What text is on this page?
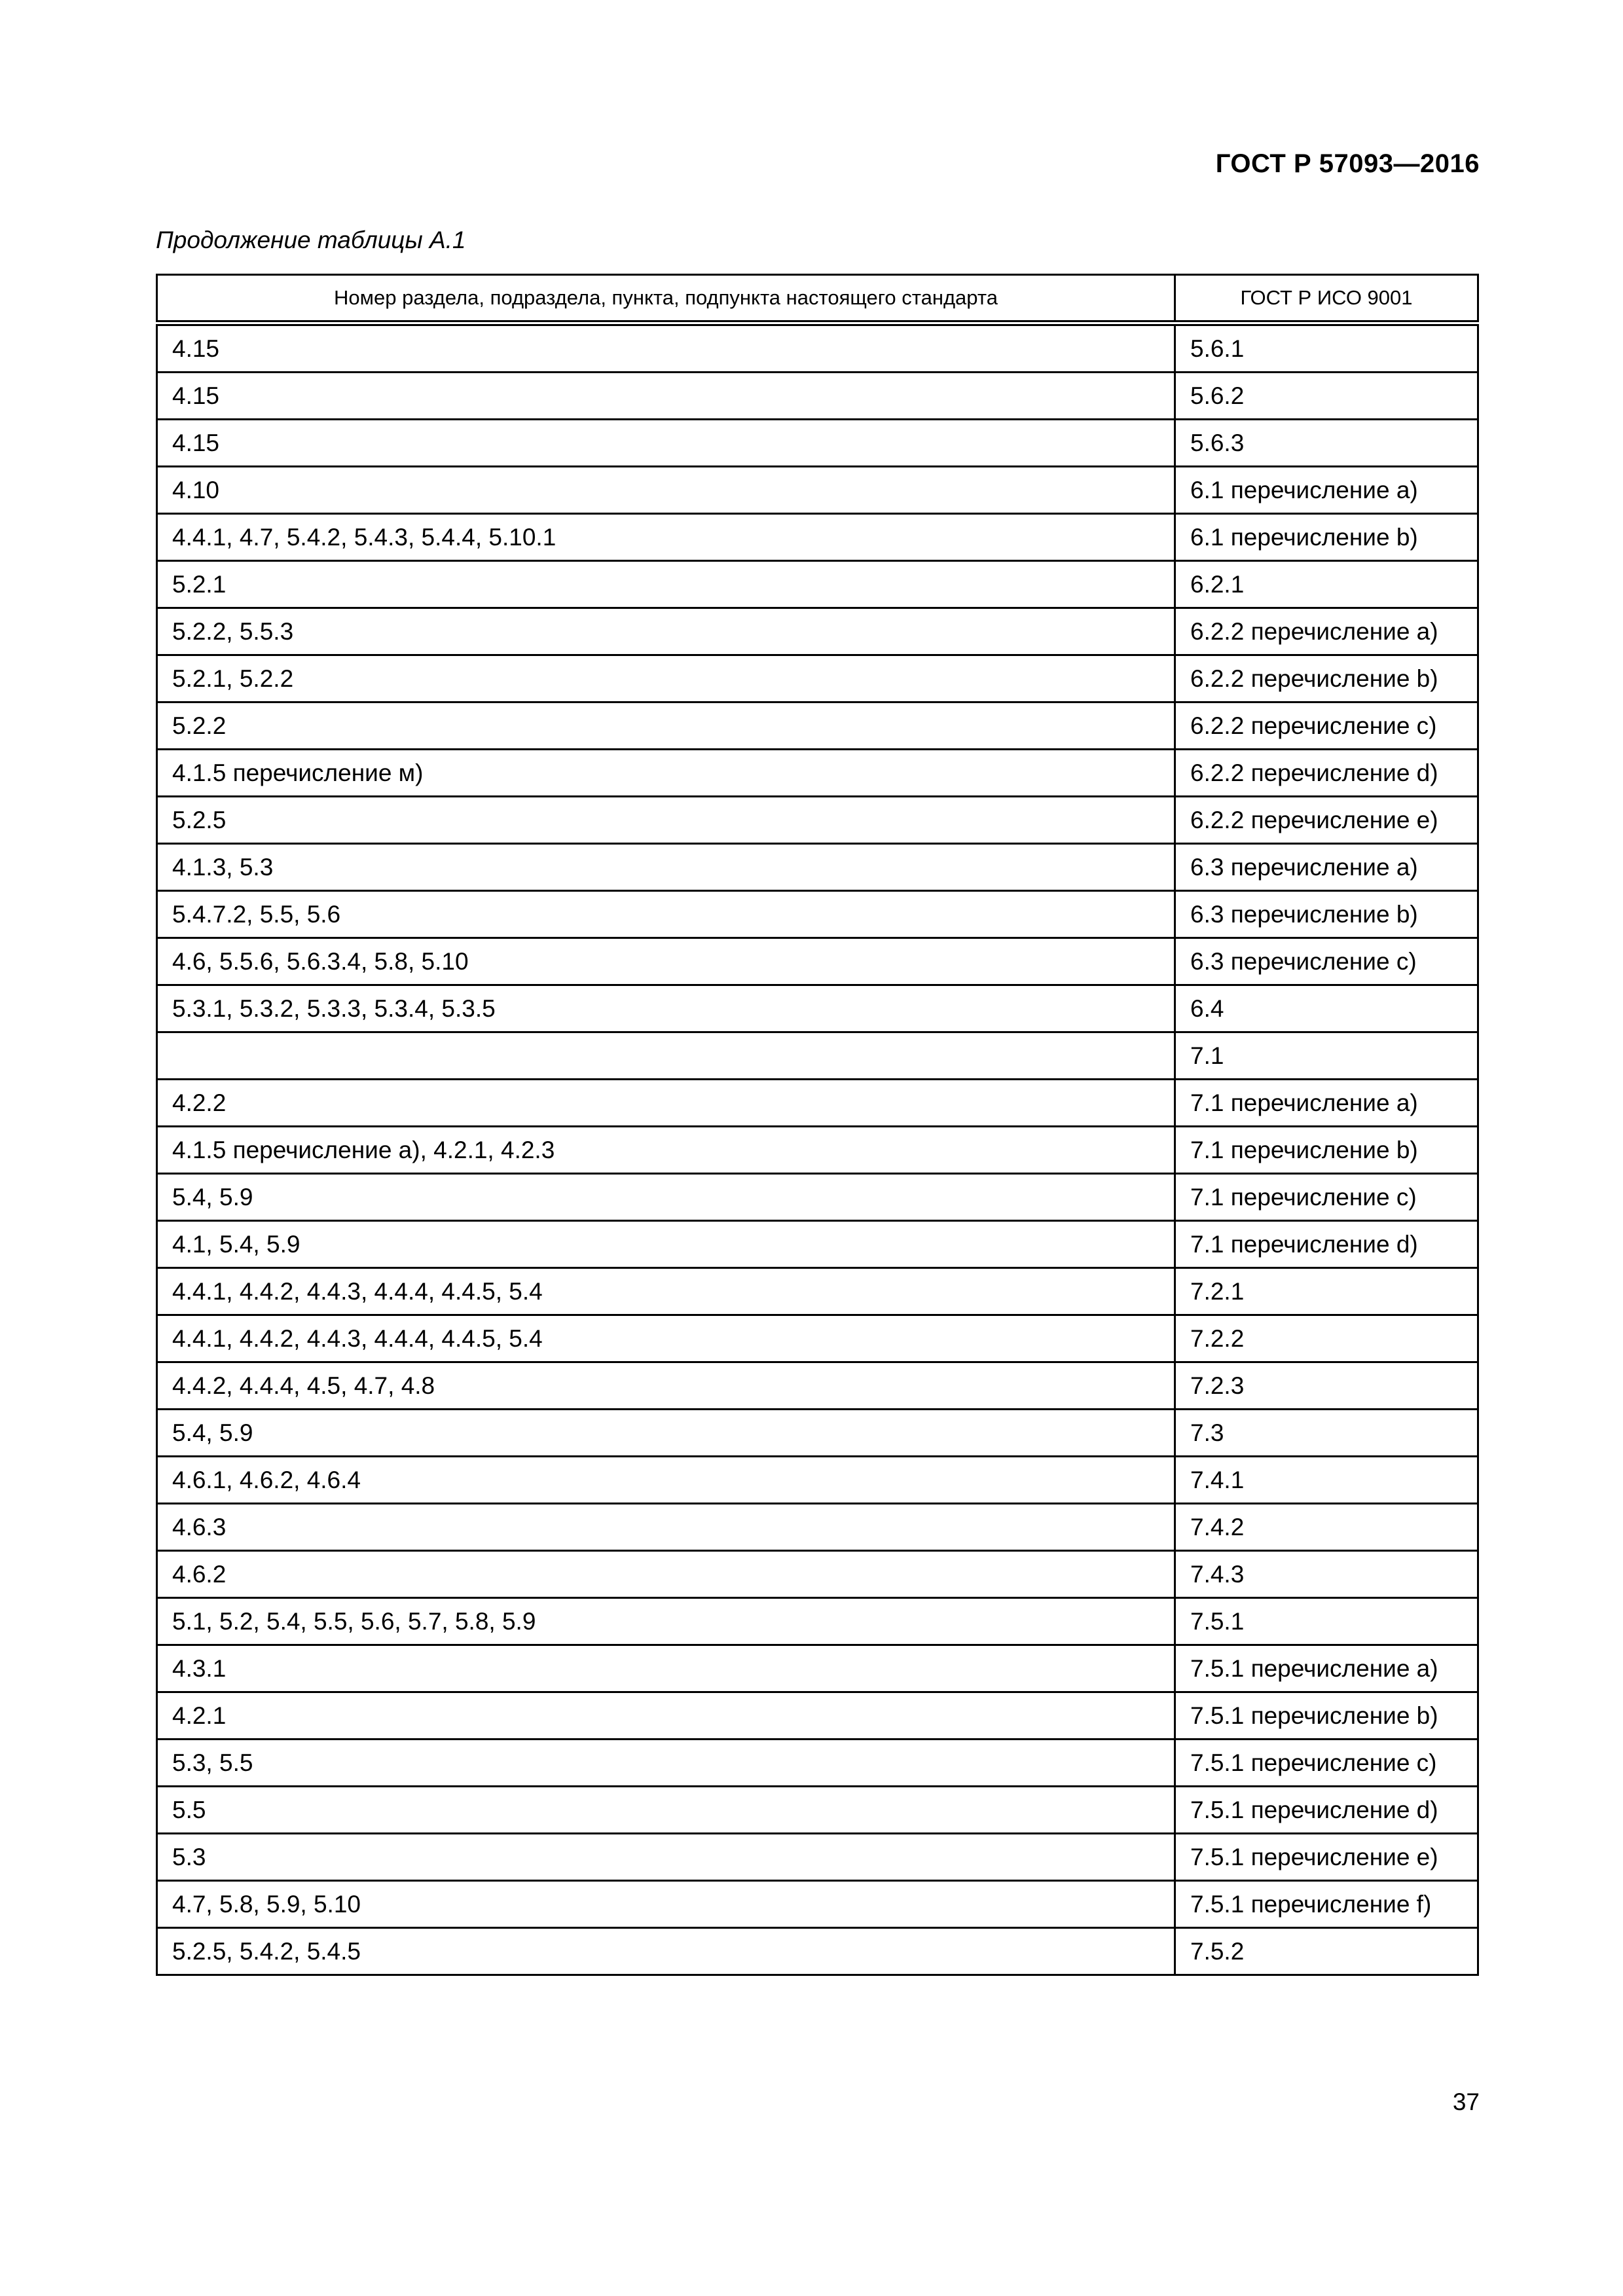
ГОСТ Р 57093—2016
Продолжение таблицы А.1
Номер раздела, подраздела, пункта, подпункта настоящего стандарта	ГОСТ Р ИСО 9001
4.15	5.6.1
4.15	5.6.2
4.15	5.6.3
4.10	6.1 перечисление a)
4.4.1, 4.7, 5.4.2, 5.4.3, 5.4.4, 5.10.1	6.1 перечисление b)
5.2.1	6.2.1
5.2.2, 5.5.3	6.2.2 перечисление a)
5.2.1, 5.2.2	6.2.2 перечисление b)
5.2.2	6.2.2 перечисление c)
4.1.5 перечисление м)	6.2.2 перечисление d)
5.2.5	6.2.2 перечисление e)
4.1.3, 5.3	6.3 перечисление a)
5.4.7.2, 5.5, 5.6	6.3 перечисление b)
4.6, 5.5.6, 5.6.3.4, 5.8, 5.10	6.3 перечисление c)
5.3.1, 5.3.2, 5.3.3, 5.3.4, 5.3.5	6.4
	7.1
4.2.2	7.1 перечисление a)
4.1.5 перечисление а), 4.2.1, 4.2.3	7.1 перечисление b)
5.4, 5.9	7.1 перечисление c)
4.1, 5.4, 5.9	7.1 перечисление d)
4.4.1, 4.4.2, 4.4.3, 4.4.4, 4.4.5, 5.4	7.2.1
4.4.1, 4.4.2, 4.4.3, 4.4.4, 4.4.5, 5.4	7.2.2
4.4.2, 4.4.4, 4.5, 4.7, 4.8	7.2.3
5.4, 5.9	7.3
4.6.1, 4.6.2, 4.6.4	7.4.1
4.6.3	7.4.2
4.6.2	7.4.3
5.1, 5.2, 5.4, 5.5, 5.6, 5.7, 5.8, 5.9	7.5.1
4.3.1	7.5.1 перечисление a)
4.2.1	7.5.1 перечисление b)
5.3, 5.5	7.5.1 перечисление c)
5.5	7.5.1 перечисление d)
5.3	7.5.1 перечисление e)
4.7, 5.8, 5.9, 5.10	7.5.1 перечисление f)
5.2.5, 5.4.2, 5.4.5	7.5.2
37
